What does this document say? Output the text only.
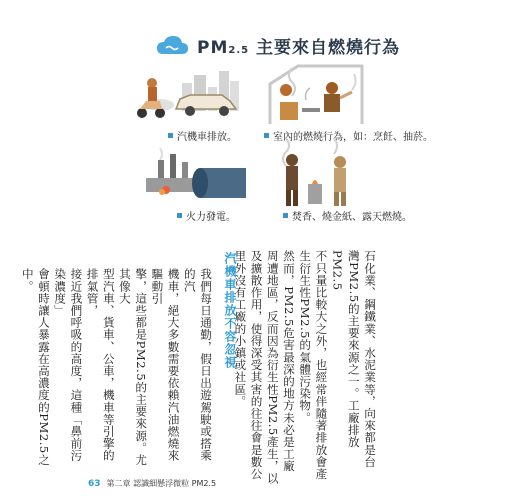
PM2.5 主要來自燃燒行為
汽機車排放。	室內的燃燒行為，如：烹飪、抽菸。
火力發電。	焚香、燒金紙、露天燃燒。
石化業、鋼鐵業、水泥業等，向來都是台
灣PM2.5的主要來源之一。工廠排放PM2.5
不只量比較大之外，也經常伴隨著排放會產
生衍生性PM2.5的氣體污染物。
然而，PM2.5危害最深的地方未必是工廠
周遭地區，反而因為衍生性PM2.5產生，以
及擴散作用，使得深受其害的往往會是數公
里外沒有工廠的小鎮或社區。
汽機車排放不容忽視
我們每日通勤，假日出遊駕駛或搭乘的汽
機車，絕大多數需要依賴汽油燃燒來驅動引
擎，這些都是PM2.5的主要來源。尤其像大
型汽車、貨車、公車，機車等引擎的排氣管，
接近我們呼吸的高度，這種「鼻前污染濃度」
會頓時讓人暴露在高濃度的PM2.5之中。
63 第二章 認識細懸浮微粒 PM2.5
